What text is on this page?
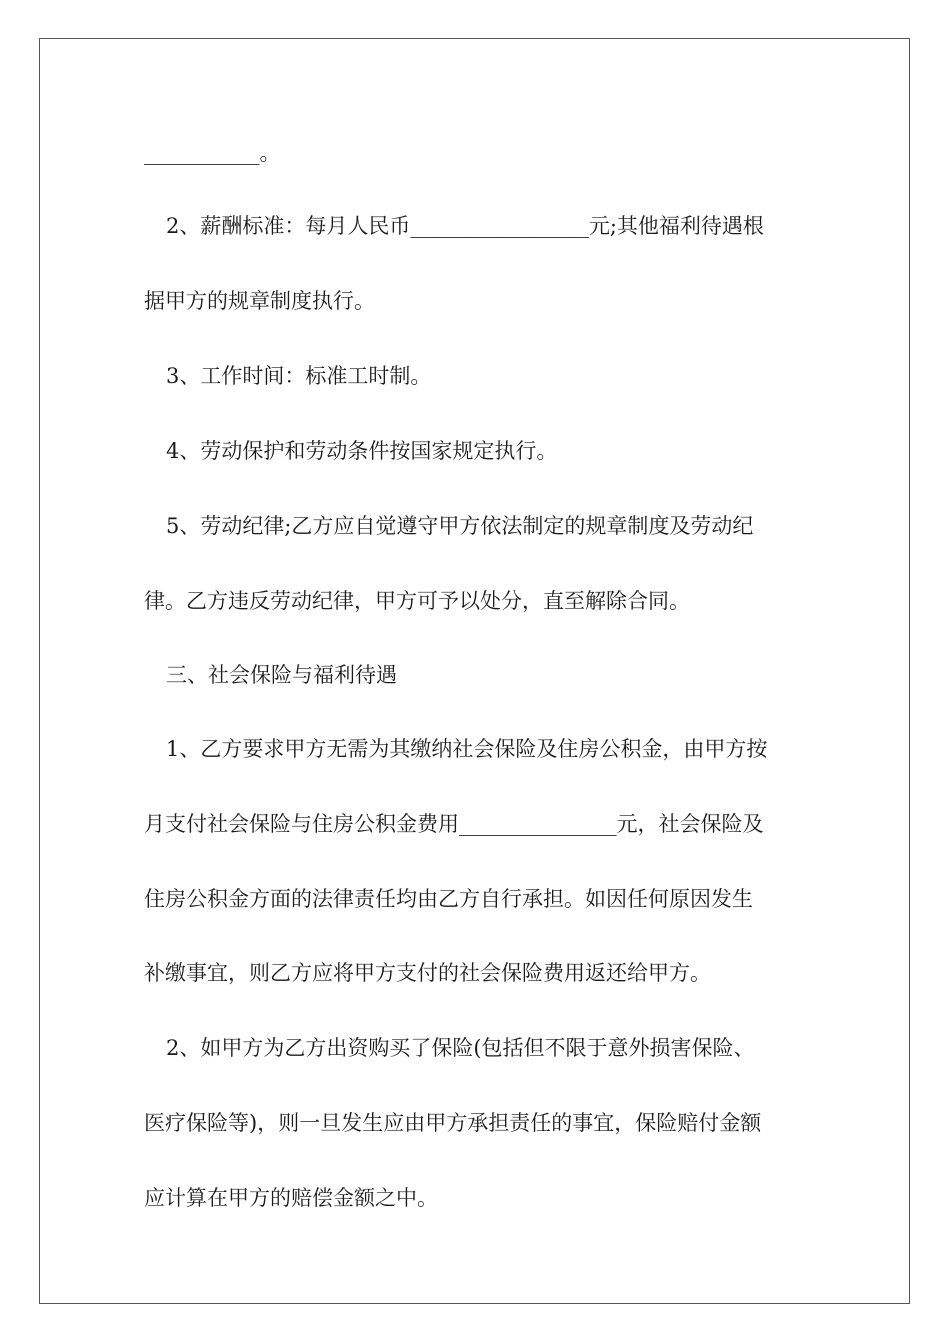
___________。
2、薪酬标准：每月人民币_________________元;其他福利待遇根
据甲方的规章制度执行。
3、工作时间：标准工时制。
4、劳动保护和劳动条件按国家规定执行。
5、劳动纪律;乙方应自觉遵守甲方依法制定的规章制度及劳动纪
律。乙方违反劳动纪律，甲方可予以处分，直至解除合同。
三、社会保险与福利待遇
1、乙方要求甲方无需为其缴纳社会保险及住房公积金，由甲方按
月支付社会保险与住房公积金费用_______________元，社会保险及
住房公积金方面的法律责任均由乙方自行承担。如因任何原因发生
补缴事宜，则乙方应将甲方支付的社会保险费用返还给甲方。
2、如甲方为乙方出资购买了保险(包括但不限于意外损害保险、
医疗保险等)，则一旦发生应由甲方承担责任的事宜，保险赔付金额
应计算在甲方的赔偿金额之中。
